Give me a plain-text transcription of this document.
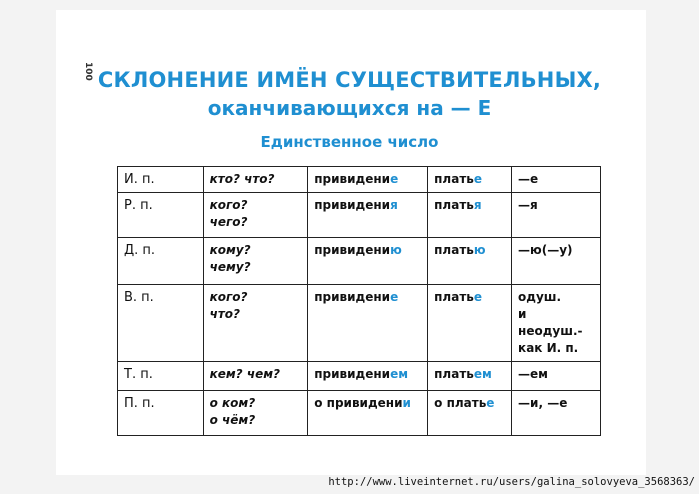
100 СКЛОНЕНИЕ ИМЁН СУЩЕСТВИТЕЛЬНЫХ,
оканчивающихся на — Е
Единственное число
И. п.	кто? что?	привидение	платье	—е

Р. п.	кого?
чего?	привидения	платья	—я

Д. п.	кому?
чему?	привидению	платью	—ю(—у)

В. п.	кого?
что?	привидение	платье	одуш.
и неодуш.-
как И. п.

Т. п.	кем? чем?	привидением	платьем	—ем

П. п.	о ком?
о чём?	о привидении	о платье	—и, —е
http://www.liveinternet.ru/users/galina_solovyeva_3568363/
